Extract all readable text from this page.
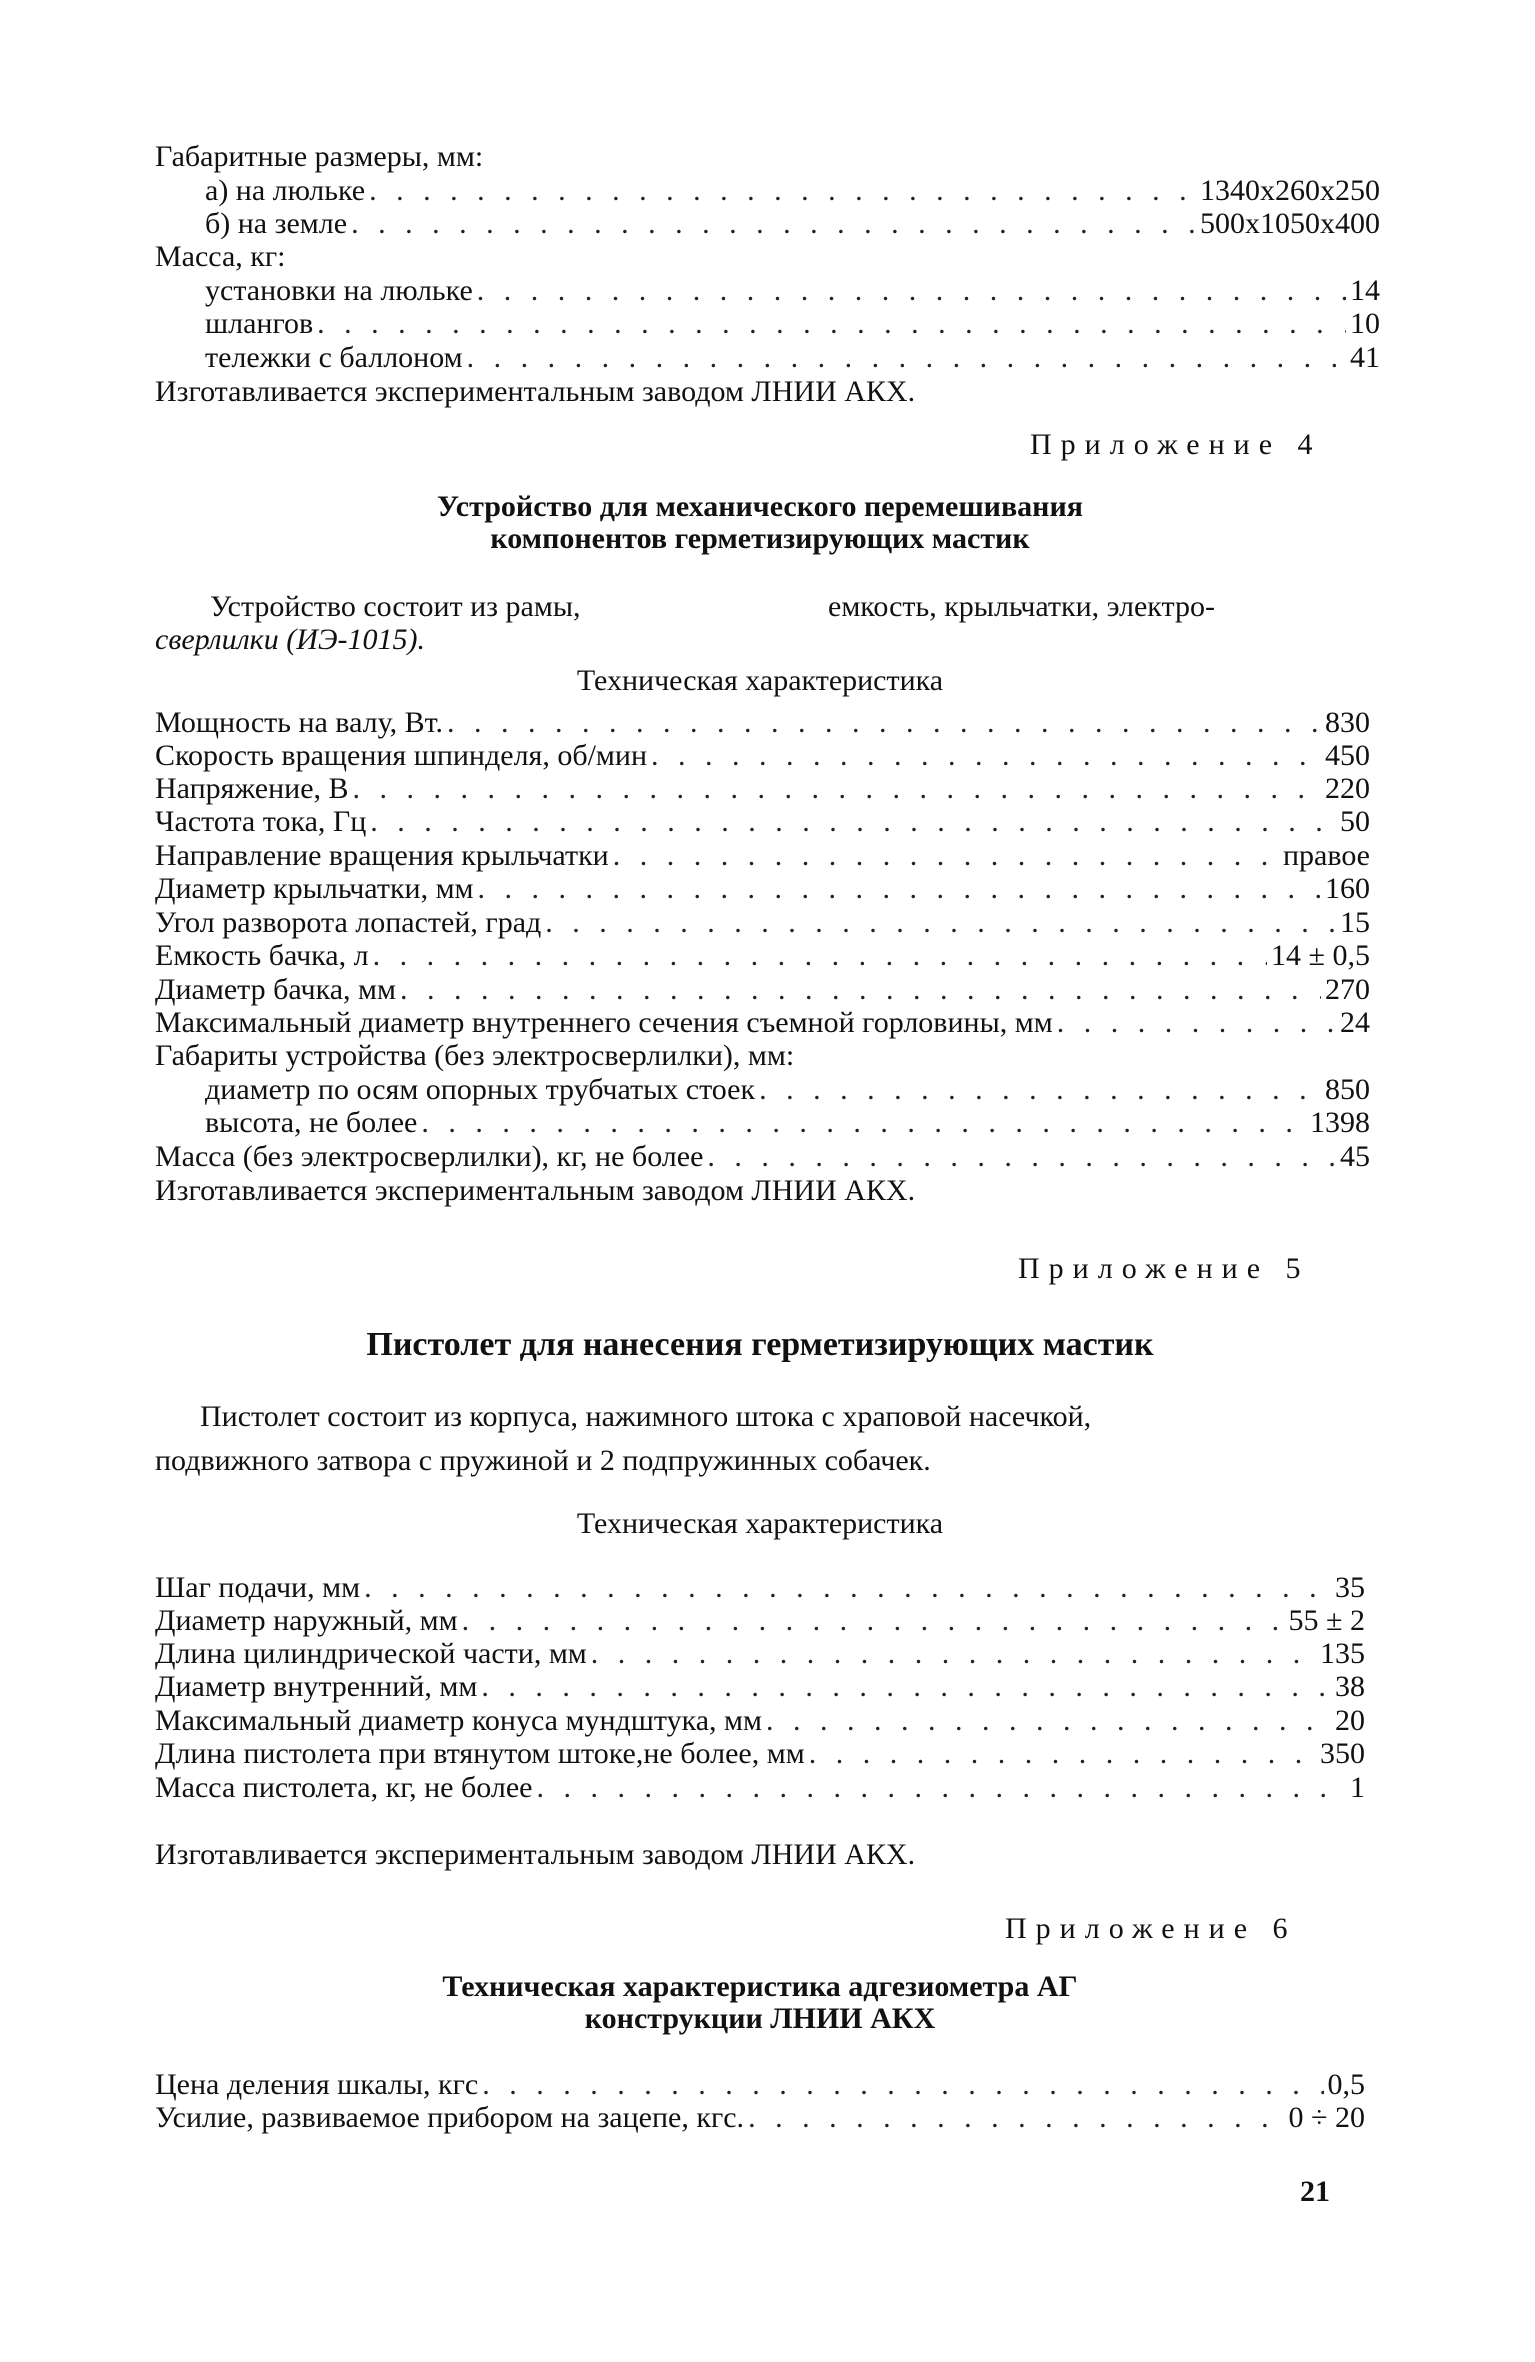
Габаритные размеры, мм:
а) на люльке . . .	1340x260x250
б) на земле . . .	500x1050x400
Масса, кг:
установки на люльке . . .	14
шлангов . . .	10
тележки с баллоном . . .	41
Изготавливается экспериментальным заводом ЛНИИ АКХ.
Приложение 4
Устройство для механического перемешивания
компонентов герметизирующих мастик
Устройство состоит из рамы,	емкость, крыльчатки, электро-
сверлилки (ИЭ-1015).
Техническая характеристика
Мощность на валу, Вт. . . .	830
Скорость вращения шпинделя, об/мин . . .	450
Напряжение, В . . .	220
Частота тока, Гц . . .	50
Направление вращения крыльчатки . . .	правое
Диаметр крыльчатки, мм . . .	160
Угол разворота лопастей, град . . .	15
Емкость бачка, л . . .	14 ± 0,5
Диаметр бачка, мм . . .	270
Максимальный диаметр внутреннего сечения съемной горловины, мм . . .	24
Габариты устройства (без электросверлилки), мм:
диаметр по осям опорных трубчатых стоек . . .	850
высота, не более . . .	1398
Масса (без электросверлилки), кг, не более . . .	45
Изготавливается экспериментальным заводом ЛНИИ АКХ.
Приложение 5
Пистолет для нанесения герметизирующих мастик
Пистолет состоит из корпуса, нажимного штока с храповой насечкой,
подвижного затвора с пружиной и 2 подпружинных собачек.
Техническая характеристика
Шаг подачи, мм . . .	35
Диаметр наружный, мм . . .	55 ± 2
Длина цилиндрической части, мм . . .	135
Диаметр внутренний, мм . . .	38
Максимальный диаметр конуса мундштука, мм . . .	20
Длина пистолета при втянутом штоке,не более, мм . . .	350
Масса пистолета, кг, не более . . .	1
Изготавливается экспериментальным заводом ЛНИИ АКХ.
Приложение 6
Техническая характеристика адгезиометра АГ
конструкции ЛНИИ АКХ
Цена деления шкалы, кгс . . .	0,5
Усилие, развиваемое прибором на зацепе, кгс. . . .	0 ÷ 20
21
